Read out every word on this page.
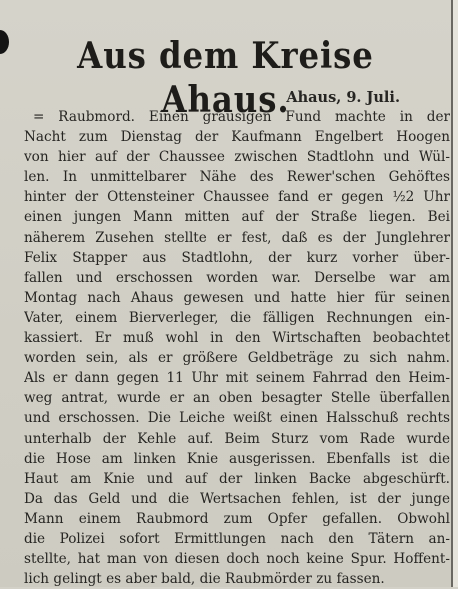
Aus dem Kreise Ahaus.

Ahaus, 9. Juli.

= Raubmord. Einen grausigen Fund machte in der
Nacht zum Dienstag der Kaufmann Engelbert Hoogen
von hier auf der Chaussee zwischen Stadtlohn und Wül-
len. In unmittelbarer Nähe des Rewer'schen Gehöftes
hinter der Ottensteiner Chaussee fand er gegen ½2 Uhr
einen jungen Mann mitten auf der Straße liegen. Bei
näherem Zusehen stellte er fest, daß es der Junglehrer
Felix Stapper aus Stadtlohn, der kurz vorher über-
fallen und erschossen worden war. Derselbe war am
Montag nach Ahaus gewesen und hatte hier für seinen
Vater, einem Bierverleger, die fälligen Rechnungen ein-
kassiert. Er muß wohl in den Wirtschaften beobachtet
worden sein, als er größere Geldbeträge zu sich nahm.
Als er dann gegen 11 Uhr mit seinem Fahrrad den Heim-
weg antrat, wurde er an oben besagter Stelle überfallen
und erschossen. Die Leiche weißt einen Halsschuß rechts
unterhalb der Kehle auf. Beim Sturz vom Rade wurde
die Hose am linken Knie ausgerissen. Ebenfalls ist die
Haut am Knie und auf der linken Backe abgeschürft.
Da das Geld und die Wertsachen fehlen, ist der junge
Mann einem Raubmord zum Opfer gefallen. Obwohl
die Polizei sofort Ermittlungen nach den Tätern an-
stellte, hat man von diesen doch noch keine Spur. Hoffent-
lich gelingt es aber bald, die Raubmörder zu fassen.
